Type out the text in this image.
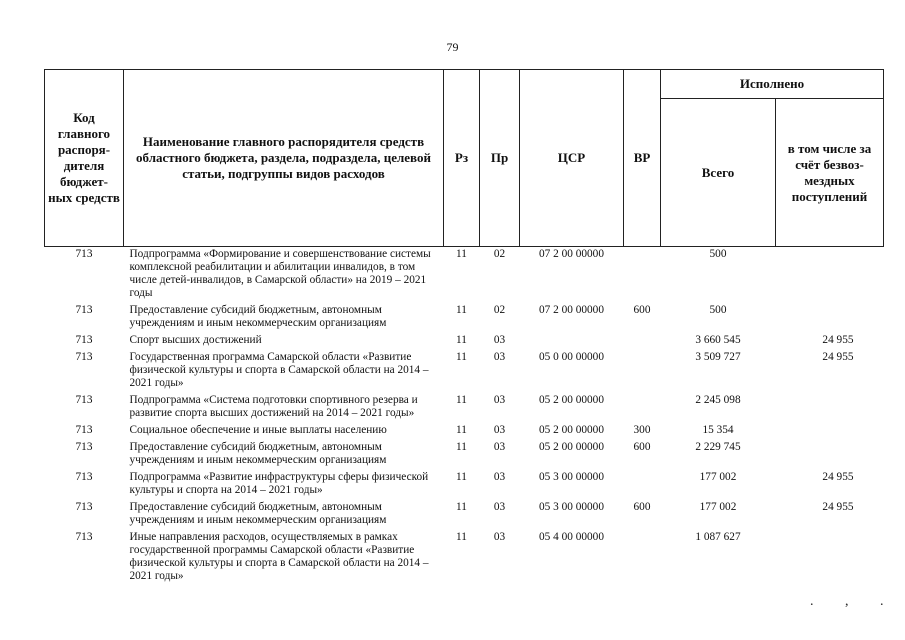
79
Код главного распоря-дителя бюджет-ных средств	Наименование главного распорядителя средств областного бюджета, раздела, подраздела, целевой статьи, подгруппы видов расходов	Рз	Пр	ЦСР	ВР	Исполнено	
						Всего	в том числе за счёт безвоз-мездных поступлений
713	Подпрограмма «Формирование и совершенствование системы комплексной реабилитации и абилитации инвалидов, в том числе детей-инвалидов, в Самарской области» на 2019 – 2021 годы	11	02	07 2 00 00000		500	
713	Предоставление субсидий бюджетным, автономным учреждениям и иным некоммерческим организациям	11	02	07 2 00 00000	600	500	
713	Спорт высших достижений	11	03			3 660 545	24 955
713	Государственная программа Самарской области «Развитие физической культуры и спорта в Самарской области на 2014 – 2021 годы»	11	03	05 0 00 00000		3 509 727	24 955
713	Подпрограмма «Система подготовки спортивного резерва и развитие спорта высших достижений на 2014 – 2021 годы»	11	03	05 2 00 00000		2 245 098	
713	Социальное обеспечение и иные выплаты населению	11	03	05 2 00 00000	300	15 354	
713	Предоставление субсидий бюджетным, автономным учреждениям и иным некоммерческим организациям	11	03	05 2 00 00000	600	2 229 745	
713	Подпрограмма «Развитие инфраструктуры сферы физической культуры и спорта на 2014 – 2021 годы»	11	03	05 3 00 00000		177 002	24 955
713	Предоставление субсидий бюджетным, автономным учреждениям и иным некоммерческим организациям	11	03	05 3 00 00000	600	177 002	24 955
713	Иные направления расходов, осуществляемых в рамках государственной программы Самарской области «Развитие физической культуры и спорта в Самарской области на 2014 – 2021 годы»	11	03	05 4 00 00000		1 087 627	
. , .
